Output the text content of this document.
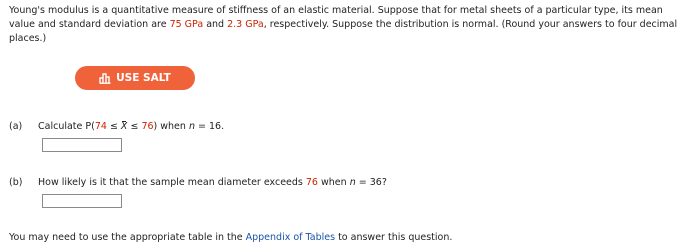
Young's modulus is a quantitative measure of stiffness of an elastic material. Suppose that for metal sheets of a particular type, its mean value and standard deviation are 75 GPa and 2.3 GPa, respectively. Suppose the distribution is normal. (Round your answers to four decimal places.)
USE SALT
(a) Calculate P(74 ≤ X ≤ 76) when n = 16.
(b) How likely is it that the sample mean diameter exceeds 76 when n = 36?
You may need to use the appropriate table in the Appendix of Tables to answer this question.
